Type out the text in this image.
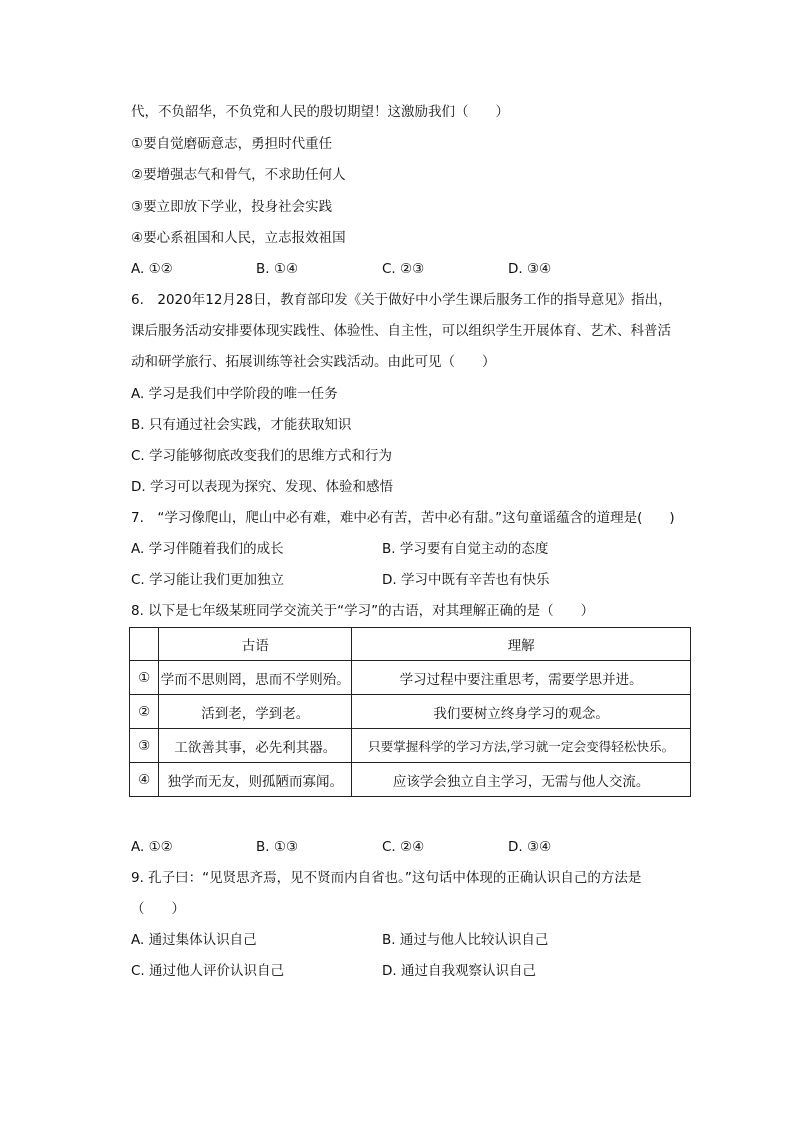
代，不负韶华，不负党和人民的殷切期望！这激励我们（　　）
①要自觉磨砺意志，勇担时代重任
②要增强志气和骨气，不求助任何人
③要立即放下学业，投身社会实践
④要心系祖国和人民，立志报效祖国
A. ①②	B. ①④	C. ②③	D. ③④
6.　2020年12月28日，教育部印发《关于做好中小学生课后服务工作的指导意见》指出，
课后服务活动安排要体现实践性、体验性、自主性，可以组织学生开展体育、艺术、科普活
动和研学旅行、拓展训练等社会实践活动。由此可见（　　）
A. 学习是我们中学阶段的唯一任务
B. 只有通过社会实践，才能获取知识
C. 学习能够彻底改变我们的思维方式和行为
D. 学习可以表现为探究、发现、体验和感悟
7.　“学习像爬山，爬山中必有难，难中必有苦，苦中必有甜。”这句童谣蕴含的道理是(　　)
A. 学习伴随着我们的成长	B. 学习要有自觉主动的态度
C. 学习能让我们更加独立	D. 学习中既有辛苦也有快乐
8. 以下是七年级某班同学交流关于“学习”的古语，对其理解正确的是（　　）
	古语	理解
①	学而不思则罔，思而不学则殆。	学习过程中要注重思考，需要学思并进。
②	活到老，学到老。	我们要树立终身学习的观念。
③	工欲善其事，必先利其器。	只要掌握科学的学习方法,学习就一定会变得轻松快乐。
④	独学而无友，则孤陋而寡闻。	应该学会独立自主学习，无需与他人交流。
A. ①②	B. ①③	C. ②④	D. ③④
9. 孔子曰：“见贤思齐焉，见不贤而内自省也。”这句话中体现的正确认识自己的方法是
（　　）
A. 通过集体认识自己	B. 通过与他人比较认识自己
C. 通过他人评价认识自己	D. 通过自我观察认识自己
